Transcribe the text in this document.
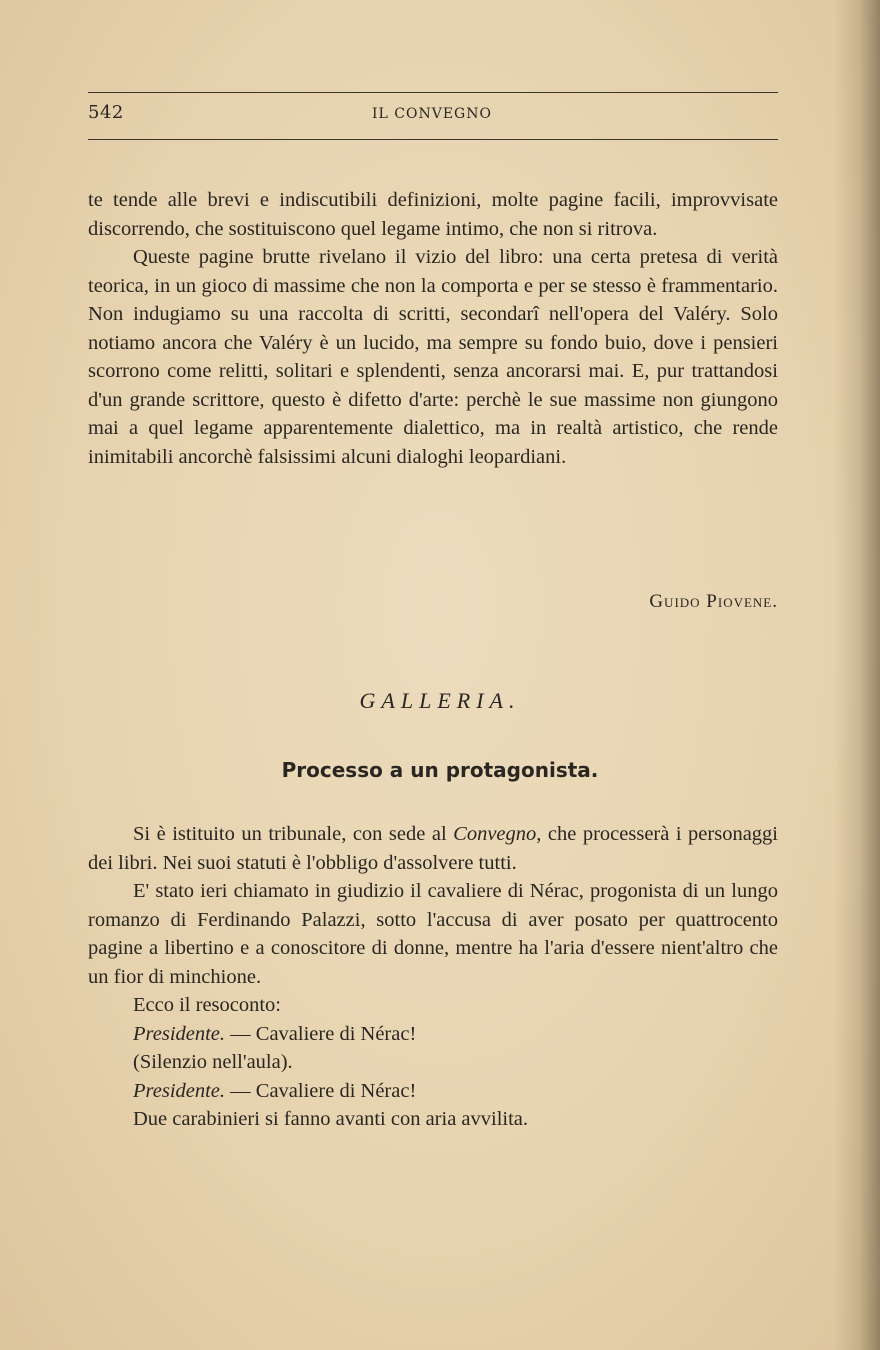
542	IL CONVEGNO

te tende alle brevi e indiscutibili definizioni, molte pagine facili, improvvisate discorrendo, che sostituiscono quel legame intimo, che non si ritrova.

Queste pagine brutte rivelano il vizio del libro: una certa pretesa di verità teorica, in un gioco di massime che non la comporta e per se stesso è frammentario. Non indugiamo su una raccolta di scritti, secondarî nell'opera del Valéry. Solo notiamo ancora che Valéry è un lucido, ma sempre su fondo buio, dove i pensieri scorrono come relitti, solitari e splendenti, senza ancorarsi mai. E, pur trattandosi d'un grande scrittore, questo è difetto d'arte: perchè le sue massime non giungono mai a quel legame apparentemente dialettico, ma in realtà artistico, che rende inimitabili ancorchè falsissimi alcuni dialoghi leopardiani.

Guido Piovene.
GALLERIA.
Processo a un protagonista.

Si è istituito un tribunale, con sede al Convegno, che processerà i personaggi dei libri. Nei suoi statuti è l'obbligo d'assolvere tutti.

E' stato ieri chiamato in giudizio il cavaliere di Nérac, progonista di un lungo romanzo di Ferdinando Palazzi, sotto l'accusa di aver posato per quattrocento pagine a libertino e a conoscitore di donne, mentre ha l'aria d'essere nient'altro che un fior di minchione.

Ecco il resoconto:

Presidente. — Cavaliere di Nérac!

(Silenzio nell'aula).

Presidente. — Cavaliere di Nérac!

Due carabinieri si fanno avanti con aria avvilita.
